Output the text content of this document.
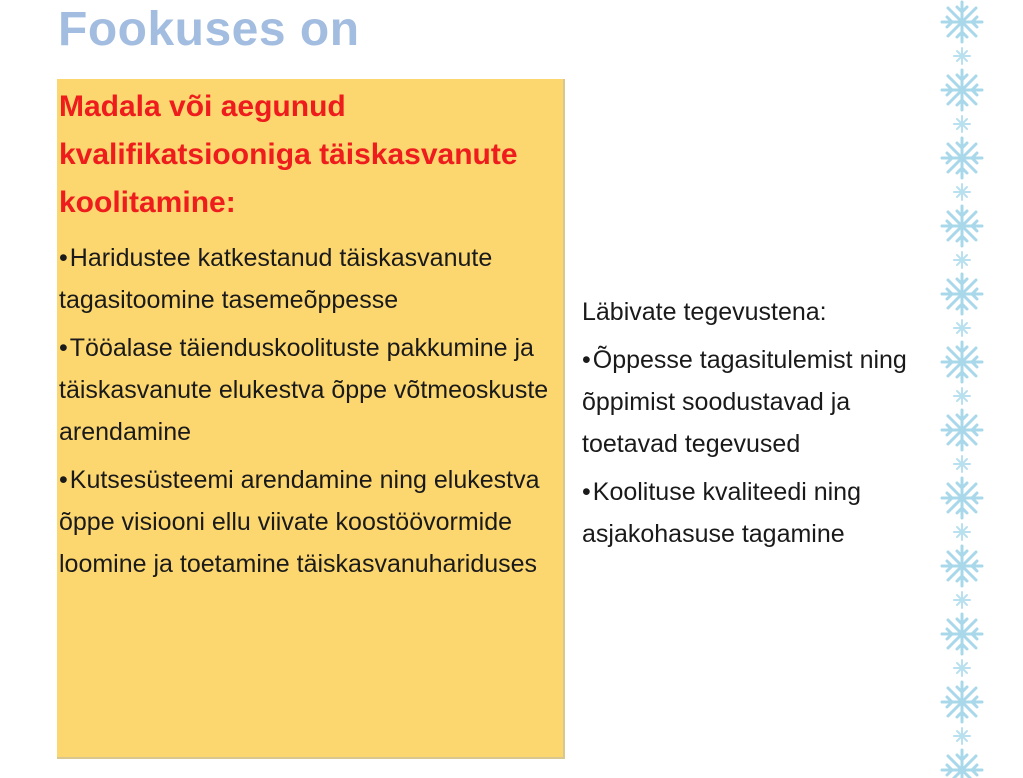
Fookuses on
Madala või aegunud kvalifikatsiooniga täiskasvanute koolitamine:
•Haridustee katkestanud täiskasvanute tagasitoomine tasemeõppesse
•Tööalase täienduskoolituste pakkumine ja täiskasvanute elukestva õppe võtmeoskuste arendamine
•Kutsesüsteemi arendamine ning elukestva õppe visiooni ellu viivate koostöövormide loomine ja toetamine täiskasvanuhariduses
Läbivate tegevustena:
•Õppesse tagasitulemist ning õppimist soodustavad ja toetavad tegevused
•Koolituse kvaliteedi ning asjakohasuse tagamine
